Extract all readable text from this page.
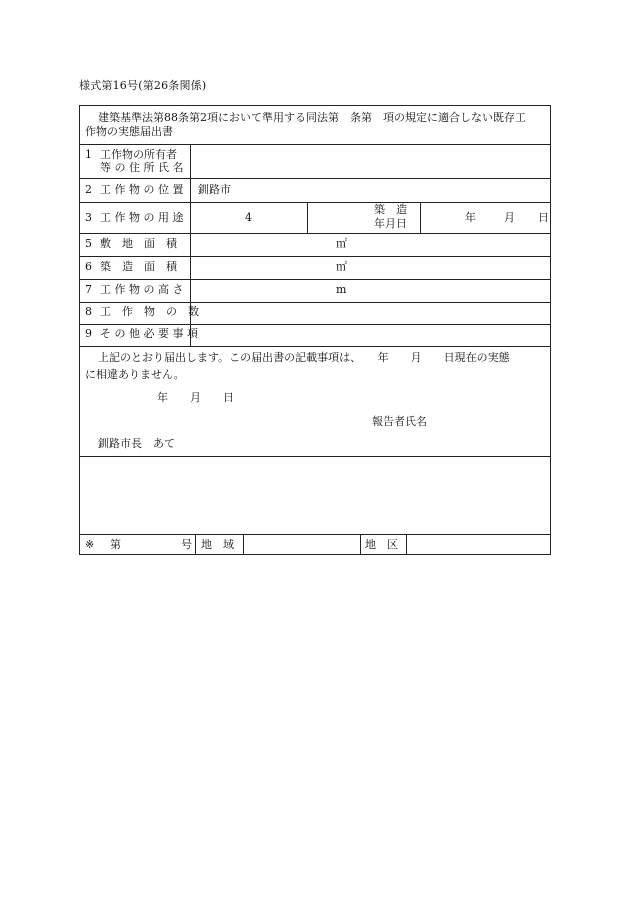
様式第16号(第26条関係)
建築基準法第88条第2項において準用する同法第　条第　項の規定に適合しない既存工
作物の実態届出書
1 工作物の所有者
等 の 住 所 氏 名
2 工 作 物 の 位 置 釧路市
3 工 作 物 の 用 途	4
築　造
年月日	年	月 日
5 敷　地　面　積	㎡
6 築　造　面　積	㎡
7 工 作 物 の 高 さ	m
8 工　作　物　の　数
9 そ の 他 必 要 事 項
上記のとおり届出します。この届出書の記載事項は、　　年　　月　　日現在の実態
に相違ありません。
年　　月　　日
報告者氏名
釧路市長　あて
※ 第	号 地　域	地　区
